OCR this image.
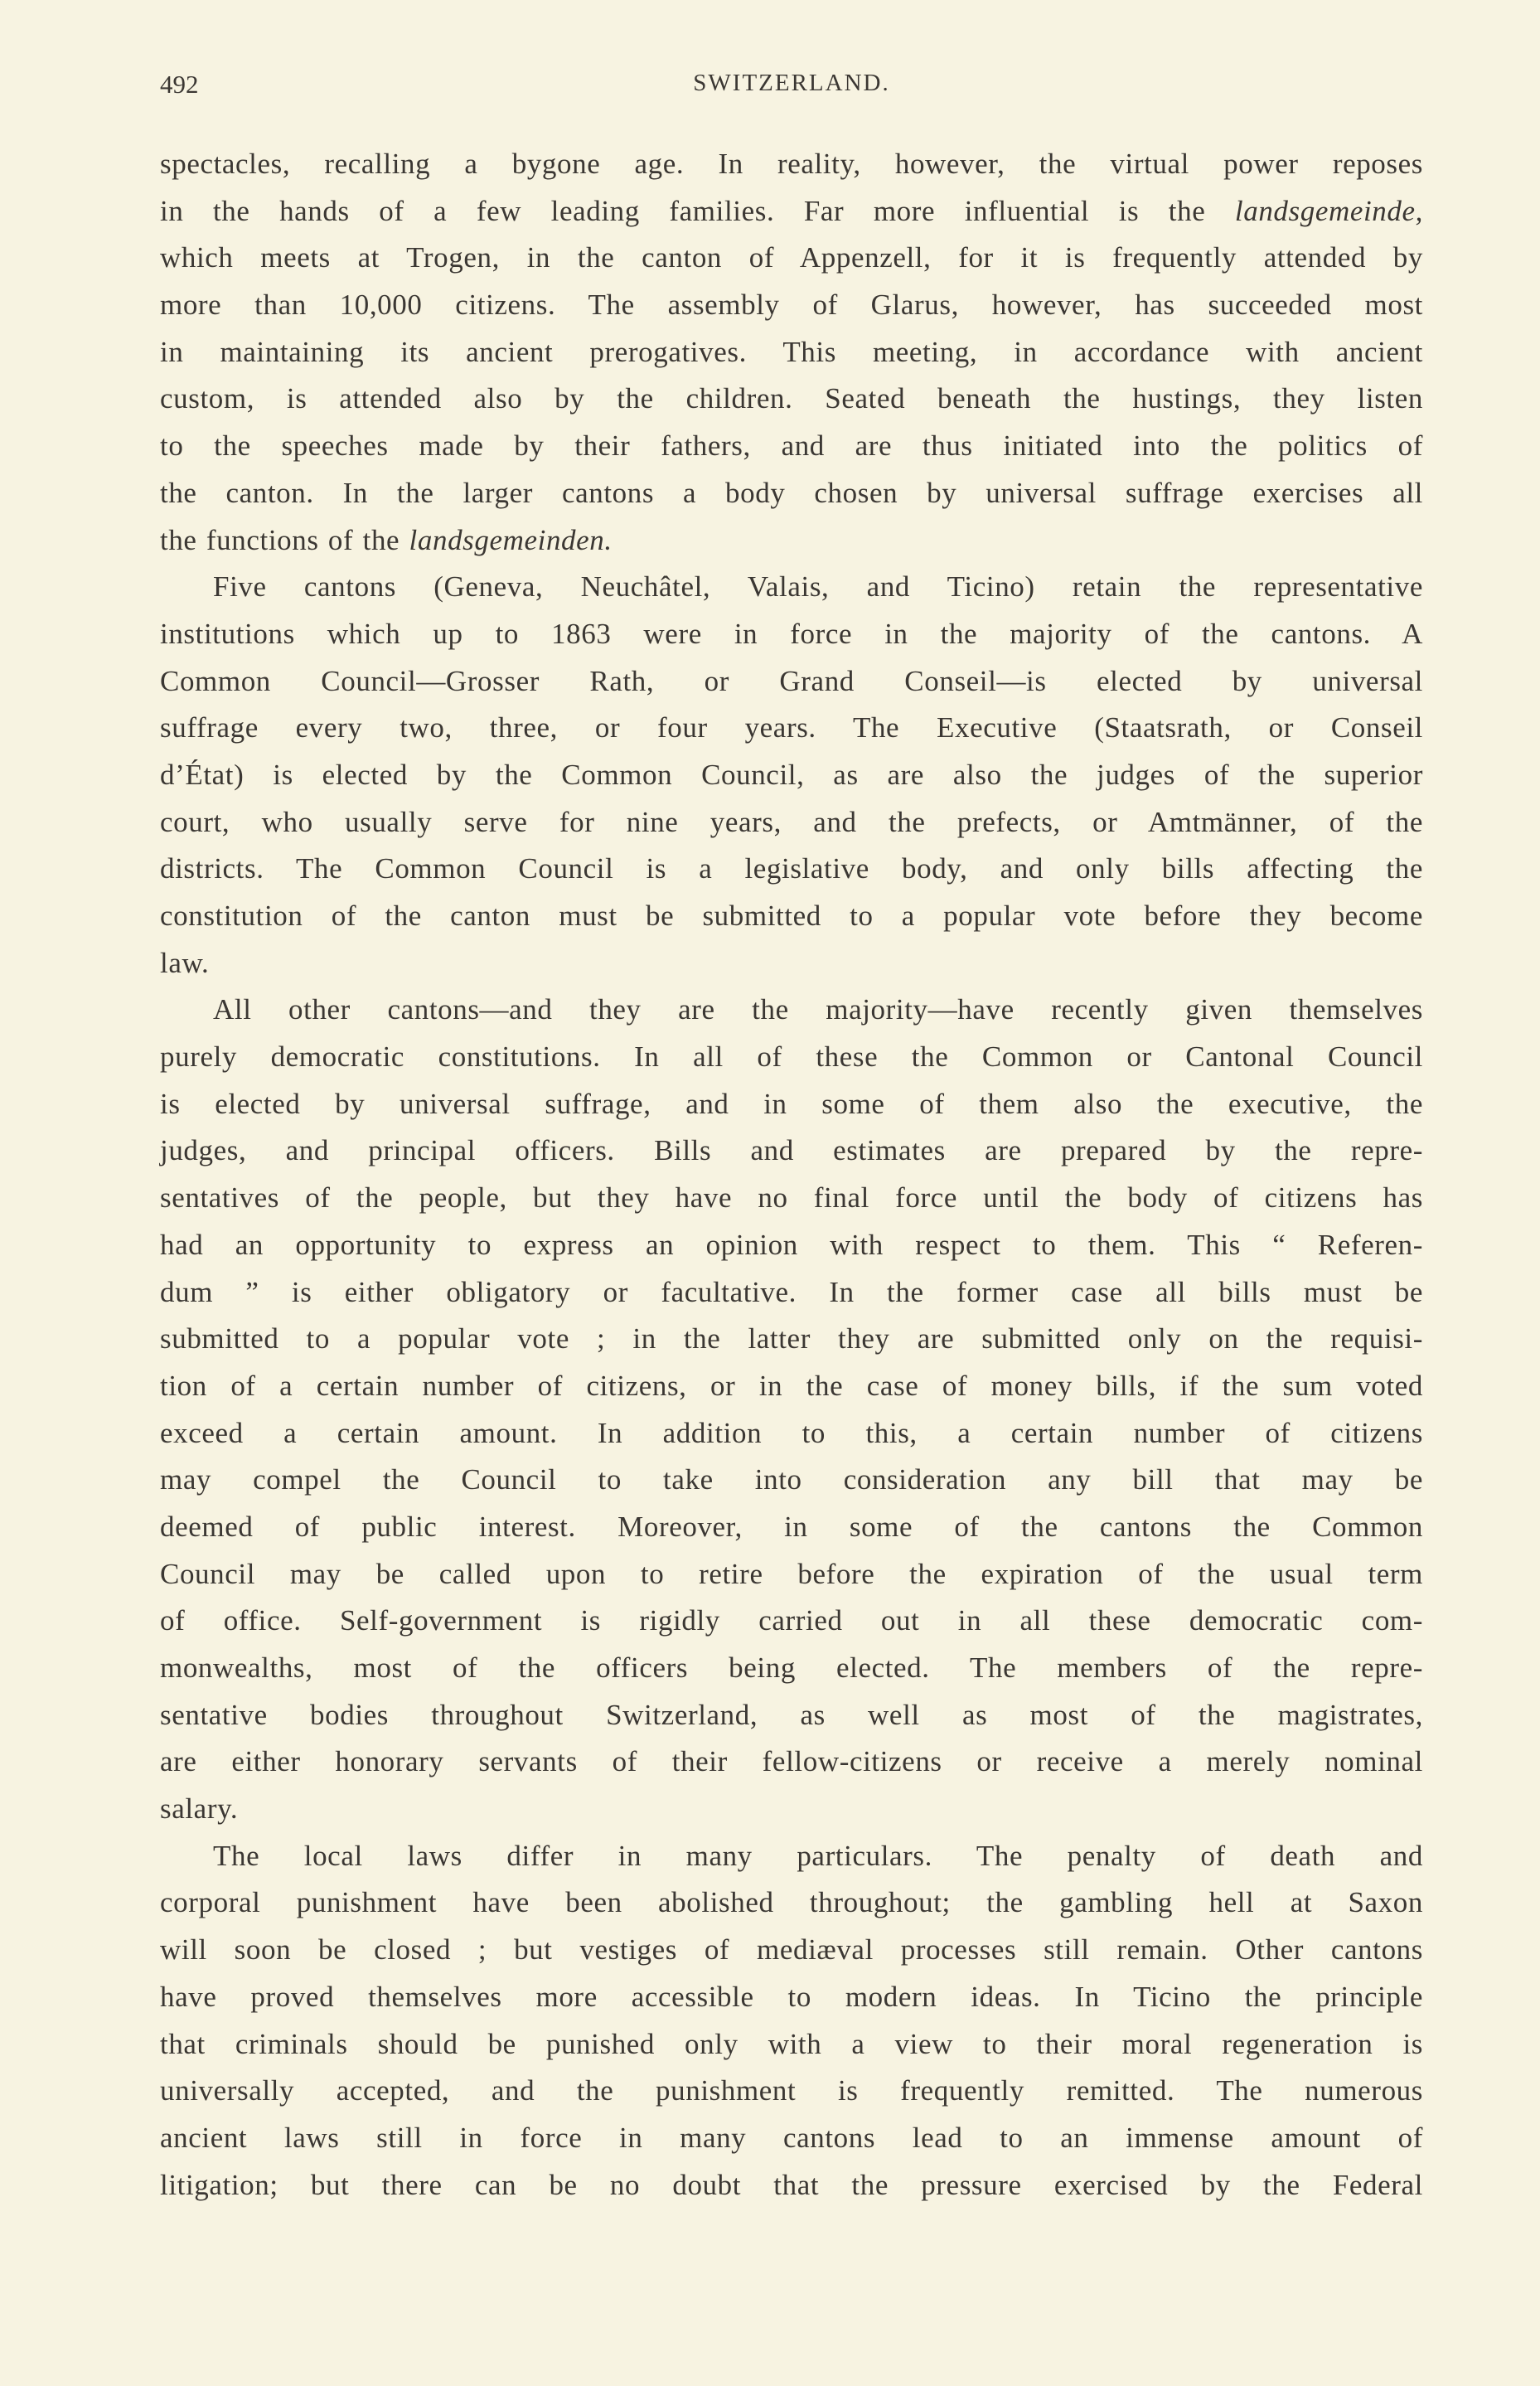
492	SWITZERLAND.
spectacles, recalling a bygone age. In reality, however, the virtual power reposes
in the hands of a few leading families. Far more influential is the landsgemeinde,
which meets at Trogen, in the canton of Appenzell, for it is frequently attended by
more than 10,000 citizens. The assembly of Glarus, however, has succeeded most
in maintaining its ancient prerogatives. This meeting, in accordance with ancient
custom, is attended also by the children. Seated beneath the hustings, they listen
to the speeches made by their fathers, and are thus initiated into the politics of
the canton. In the larger cantons a body chosen by universal suffrage exercises all
the functions of the landsgemeinden.
Five cantons (Geneva, Neuchâtel, Valais, and Ticino) retain the representative
institutions which up to 1863 were in force in the majority of the cantons. A
Common Council—Grosser Rath, or Grand Conseil—is elected by universal
suffrage every two, three, or four years. The Executive (Staatsrath, or Conseil
d’État) is elected by the Common Council, as are also the judges of the superior
court, who usually serve for nine years, and the prefects, or Amtmänner, of the
districts. The Common Council is a legislative body, and only bills affecting the
constitution of the canton must be submitted to a popular vote before they become
law.
All other cantons—and they are the majority—have recently given themselves
purely democratic constitutions. In all of these the Common or Cantonal Council
is elected by universal suffrage, and in some of them also the executive, the
judges, and principal officers. Bills and estimates are prepared by the repre-
sentatives of the people, but they have no final force until the body of citizens has
had an opportunity to express an opinion with respect to them. This “ Referen-
dum ” is either obligatory or facultative. In the former case all bills must be
submitted to a popular vote ; in the latter they are submitted only on the requisi-
tion of a certain number of citizens, or in the case of money bills, if the sum voted
exceed a certain amount. In addition to this, a certain number of citizens
may compel the Council to take into consideration any bill that may be
deemed of public interest. Moreover, in some of the cantons the Common
Council may be called upon to retire before the expiration of the usual term
of office. Self-government is rigidly carried out in all these democratic com-
monwealths, most of the officers being elected. The members of the repre-
sentative bodies throughout Switzerland, as well as most of the magistrates,
are either honorary servants of their fellow-citizens or receive a merely nominal
salary.
The local laws differ in many particulars. The penalty of death and
corporal punishment have been abolished throughout; the gambling hell at Saxon
will soon be closed ; but vestiges of mediæval processes still remain. Other cantons
have proved themselves more accessible to modern ideas. In Ticino the principle
that criminals should be punished only with a view to their moral regeneration is
universally accepted, and the punishment is frequently remitted. The numerous
ancient laws still in force in many cantons lead to an immense amount of
litigation; but there can be no doubt that the pressure exercised by the Federal
